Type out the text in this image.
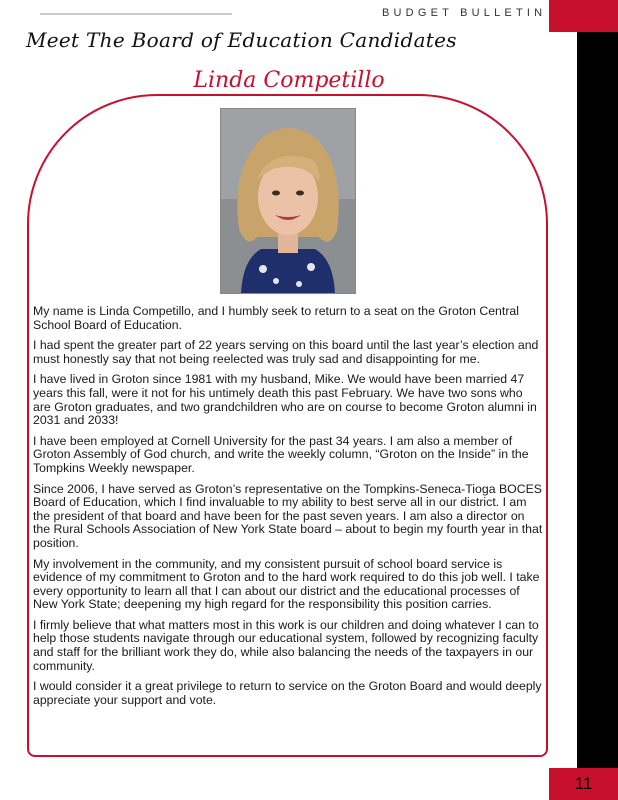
BUDGET BULLETIN
Meet The Board of Education Candidates
Linda Competillo

My name is Linda Competillo, and I humbly seek to return to a seat on the Groton Central School Board of Education.

I had spent the greater part of 22 years serving on this board until the last year’s election and must honestly say that not being reelected was truly sad and disappointing for me.

I have lived in Groton since 1981 with my husband, Mike. We would have been married 47 years this fall, were it not for his untimely death this past February. We have two sons who are Groton graduates, and two grandchildren who are on course to become Groton alumni in 2031 and 2033!

I have been employed at Cornell University for the past 34 years. I am also a member of Groton Assembly of God church, and write the weekly column, “Groton on the Inside” in the Tompkins Weekly newspaper.

Since 2006, I have served as Groton’s representative on the Tompkins-Seneca-Tioga BOCES Board of Education, which I find invaluable to my ability to best serve all in our district. I am the president of that board and have been for the past seven years. I am also a director on the Rural Schools Association of New York State board – about to begin my fourth year in that position.

My involvement in the community, and my consistent pursuit of school board service is evidence of my commitment to Groton and to the hard work required to do this job well. I take every opportunity to learn all that I can about our district and the educational processes of New York State; deepening my high regard for the responsibility this position carries.

I firmly believe that what matters most in this work is our children and doing whatever I can to help those students navigate through our educational system, followed by recognizing faculty and staff for the brilliant work they do, while also balancing the needs of the taxpayers in our community.

I would consider it a great privilege to return to service on the Groton Board and would deeply appreciate your support and vote.

11
